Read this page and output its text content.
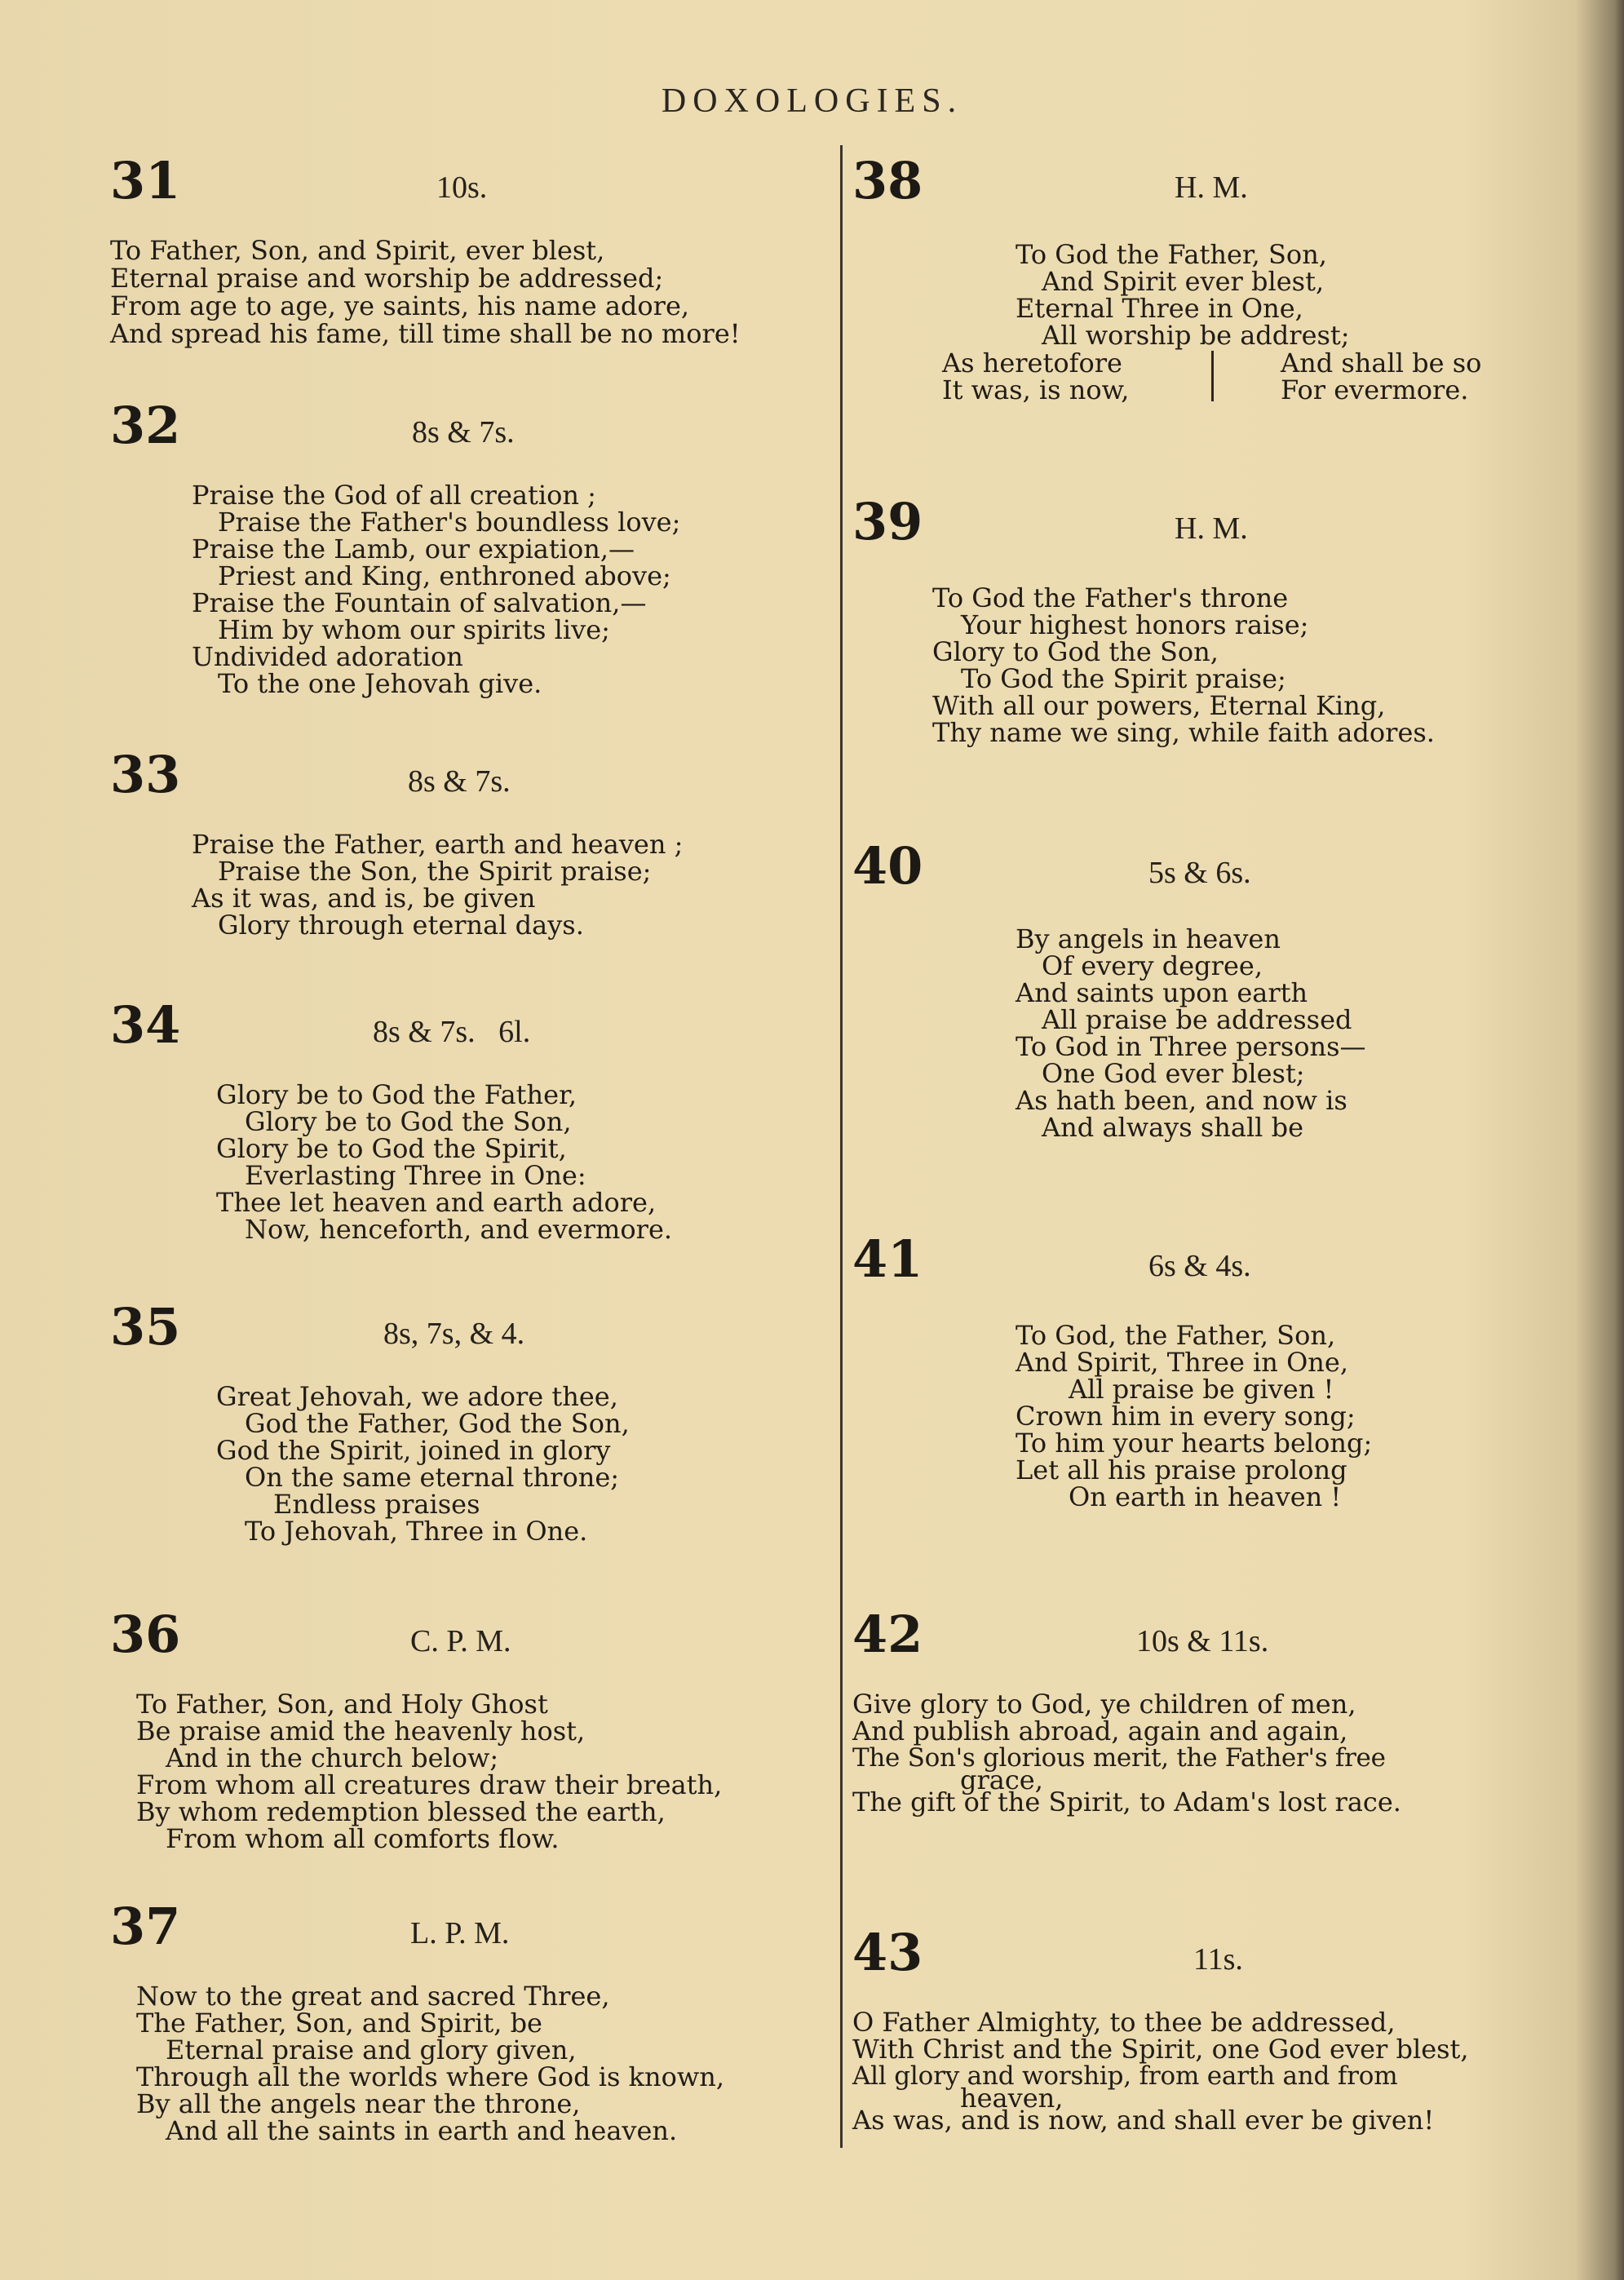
DOXOLOGIES.
31	10s.
To Father, Son, and Spirit, ever blest,
Eternal praise and worship be addressed;
From age to age, ye saints, his name adore,
And spread his fame, till time shall be no more!
32	8s & 7s.
Praise the God of all creation ;
Praise the Father's boundless love;
Praise the Lamb, our expiation,—
Priest and King, enthroned above;
Praise the Fountain of salvation,—
Him by whom our spirits live;
Undivided adoration
To the one Jehovah give.
33	8s & 7s.
Praise the Father, earth and heaven ;
Praise the Son, the Spirit praise;
As it was, and is, be given
Glory through eternal days.
34	8s & 7s.   6l.
Glory be to God the Father,
Glory be to God the Son,
Glory be to God the Spirit,
Everlasting Three in One:
Thee let heaven and earth adore,
Now, henceforth, and evermore.
35	8s, 7s, & 4.
Great Jehovah, we adore thee,
God the Father, God the Son,
God the Spirit, joined in glory
On the same eternal throne;
Endless praises
To Jehovah, Three in One.
36	C. P. M.
To Father, Son, and Holy Ghost
Be praise amid the heavenly host,
And in the church below;
From whom all creatures draw their breath,
By whom redemption blessed the earth,
From whom all comforts flow.
37	L. P. M.
Now to the great and sacred Three,
The Father, Son, and Spirit, be
Eternal praise and glory given,
Through all the worlds where God is known,
By all the angels near the throne,
And all the saints in earth and heaven.
38	H. M.
To God the Father, Son,
And Spirit ever blest,
Eternal Three in One,
All worship be addrest;
As heretofore
It was, is now,
And shall be so
For evermore.
39	H. M.
To God the Father's throne
Your highest honors raise;
Glory to God the Son,
To God the Spirit praise;
With all our powers, Eternal King,
Thy name we sing, while faith adores.
40	5s & 6s.
By angels in heaven
Of every degree,
And saints upon earth
All praise be addressed
To God in Three persons—
One God ever blest;
As hath been, and now is
And always shall be
41	6s & 4s.
To God, the Father, Son,
And Spirit, Three in One,
All praise be given !
Crown him in every song;
To him your hearts belong;
Let all his praise prolong
On earth in heaven !
42	10s & 11s.
Give glory to God, ye children of men,
And publish abroad, again and again,
The Son's glorious merit, the Father's free
grace,
The gift of the Spirit, to Adam's lost race.
43	11s.
O Father Almighty, to thee be addressed,
With Christ and the Spirit, one God ever blest,
All glory and worship, from earth and from
heaven,
As was, and is now, and shall ever be given!
